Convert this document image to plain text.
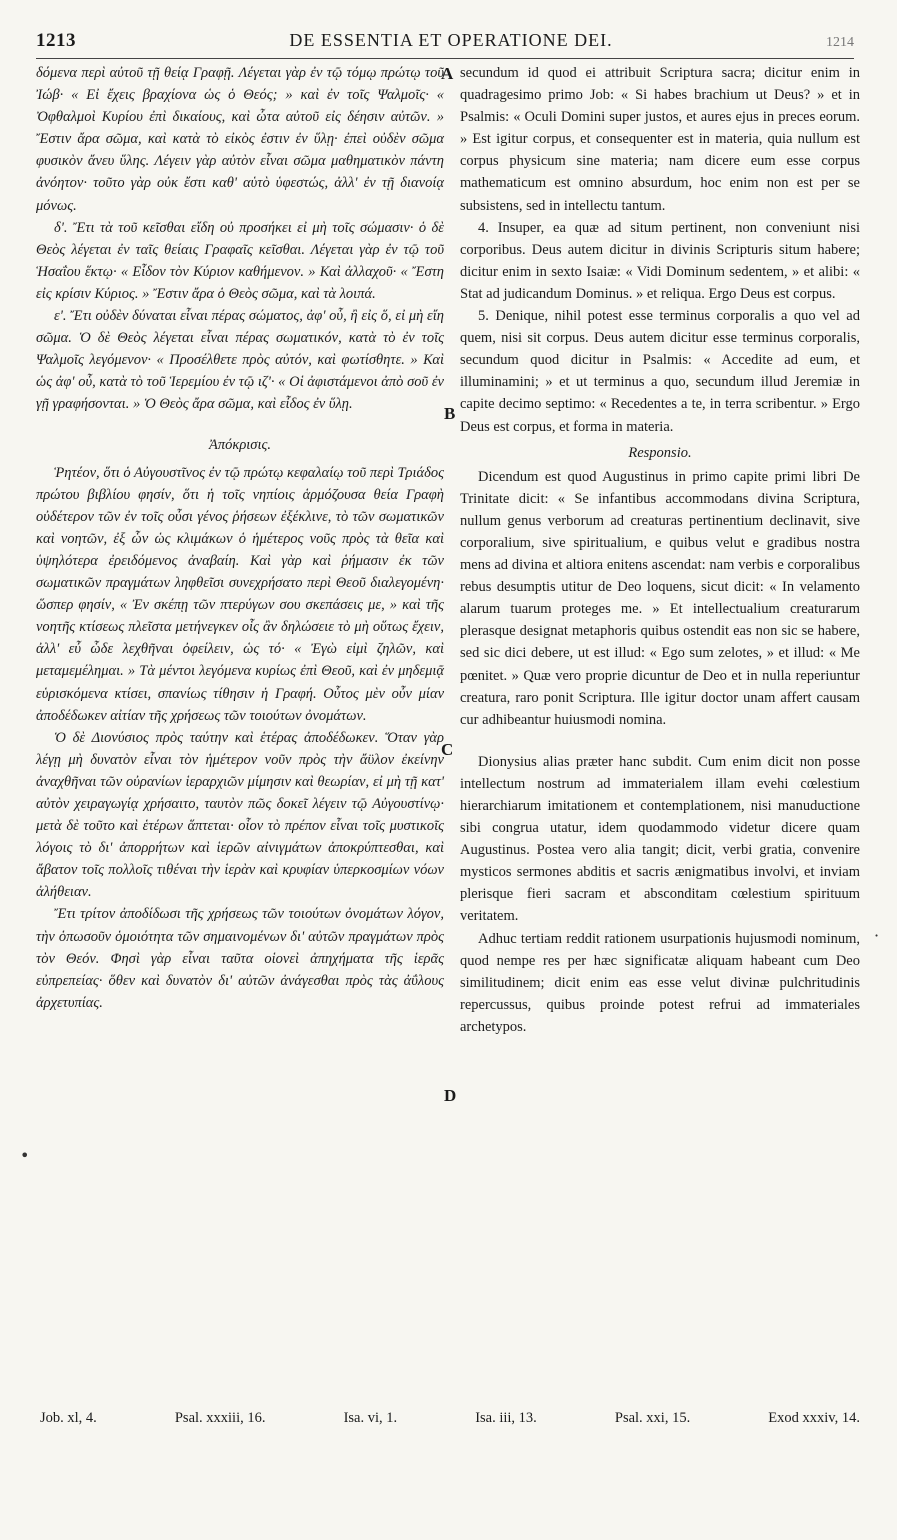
1213	DE ESSENTIA ET OPERATIONE DEI.	1214

δόμενα περὶ αὐτοῦ τῇ θείᾳ Γραφῇ. Λέγεται γὰρ ἐν τῷ τόμῳ πρώτῳ τοῦ Ἰώβ· « Εἰ ἔχεις βραχίονα ὡς ὁ Θεός; » καὶ ἐν τοῖς Ψαλμοῖς· « Ὀφθαλμοὶ Κυρίου ἐπὶ δικαίους, καὶ ὦτα αὐτοῦ εἰς δέησιν αὐτῶν. » Ἔστιν ἄρα σῶμα, καὶ κατὰ τὸ εἰκὸς ἐστιν ἐν ὕλῃ· ἐπεὶ οὐδὲν σῶμα φυσικὸν ἄνευ ὕλης. Λέγειν γὰρ αὐτὸν εἶναι σῶμα μαθηματικὸν πάντη ἀνόητον· τοῦτο γὰρ οὐκ ἔστι καθ' αὑτὸ ὑφεστώς, ἀλλ' ἐν τῇ διανοίᾳ μόνως.

δ'. Ἔτι τὰ τοῦ κεῖσθαι εἴδη οὐ προσήκει εἰ μὴ τοῖς σώμασιν· ὁ δὲ Θεὸς λέγεται ἐν ταῖς θείαις Γραφαῖς κεῖσθαι. Λέγεται γὰρ ἐν τῷ τοῦ Ἡσαΐου ἕκτῳ· « Εἶδον τὸν Κύριον καθήμενον. » Καὶ ἀλλαχοῦ· « Ἔστη εἰς κρίσιν Κύριος. » Ἔστιν ἄρα ὁ Θεὸς σῶμα, καὶ τὰ λοιπά.

ε'. Ἔτι οὐδὲν δύναται εἶναι πέρας σώματος, ἀφ' οὗ, ἢ εἰς ὅ, εἰ μὴ εἴη σῶμα. Ὁ δὲ Θεὸς λέγεται εἶναι πέρας σωματικόν, κατὰ τὸ ἐν τοῖς Ψαλμοῖς λεγόμενον· « Προσέλθετε πρὸς αὐτόν, καὶ φωτίσθητε. » Καὶ ὡς ἀφ' οὗ, κατὰ τὸ τοῦ Ἱερεμίου ἐν τῷ ιζ'· « Οἱ ἀφιστάμενοι ἀπὸ σοῦ ἐν γῇ γραφήσονται. » Ὁ Θεὸς ἄρα σῶμα, καὶ εἶδος ἐν ὕλῃ.

Ἀπόκρισις.

Ῥητέον, ὅτι ὁ Αὐγουστῖνος ἐν τῷ πρώτῳ κεφαλαίῳ τοῦ περὶ Τριάδος πρώτου βιβλίου φησίν, ὅτι ἡ τοῖς νηπίοις ἁρμόζουσα θεία Γραφὴ οὐδέτερον τῶν ἐν τοῖς οὖσι γένος ῥήσεων ἐξέκλινε, τὸ τῶν σωματικῶν καὶ νοητῶν, ἐξ ὧν ὡς κλιμάκων ὁ ἡμέτερος νοῦς πρὸς τὰ θεῖα καὶ ὑψηλότερα ἐρειδόμενος ἀναβαίη. Καὶ γὰρ καὶ ῥήμασιν ἐκ τῶν σωματικῶν πραγμάτων ληφθεῖσι συνεχρήσατο περὶ Θεοῦ διαλεγομένη· ὥσπερ φησίν, « Ἐν σκέπῃ τῶν πτερύγων σου σκεπάσεις με, » καὶ τῆς νοητῆς κτίσεως πλεῖστα μετήνεγκεν οἷς ἂν δηλώσειε τὸ μὴ οὕτως ἔχειν, ἀλλ' εὖ ὧδε λεχθῆναι ὀφείλειν, ὡς τό· « Ἐγὼ εἰμὶ ζηλῶν, καὶ μεταμεμέλημαι. » Τὰ μέντοι λεγόμενα κυρίως ἐπὶ Θεοῦ, καὶ ἐν μηδεμιᾷ εὑρισκόμενα κτίσει, σπανίως τίθησιν ἡ Γραφή. Οὗτος μὲν οὖν μίαν ἀποδέδωκεν αἰτίαν τῆς χρήσεως τῶν τοιούτων ὀνομάτων.

Ὁ δὲ Διονύσιος πρὸς ταύτην καὶ ἑτέρας ἀποδέδωκεν. Ὅταν γὰρ λέγῃ μὴ δυνατὸν εἶναι τὸν ἡμέτερον νοῦν πρὸς τὴν ἄϋλον ἐκείνην ἀναχθῆναι τῶν οὐρανίων ἱεραρχιῶν μίμησιν καὶ θεωρίαν, εἰ μὴ τῇ κατ' αὐτὸν χειραγωγίᾳ χρήσαιτο, ταυτὸν πῶς δοκεῖ λέγειν τῷ Αὐγουστίνῳ· μετὰ δὲ τοῦτο καὶ ἑτέρων ἅπτεται· οἷον τὸ πρέπον εἶναι τοῖς μυστικοῖς λόγοις τὸ δι' ἀπορρήτων καὶ ἱερῶν αἰνιγμάτων ἀποκρύπτεσθαι, καὶ ἄβατον τοῖς πολλοῖς τιθέναι τὴν ἱερὰν καὶ κρυφίαν ὑπερκοσμίων νόων ἀλήθειαν.

Ἔτι τρίτον ἀποδίδωσι τῆς χρήσεως τῶν τοιούτων ὀνομάτων λόγον, τὴν ὁπωσοῦν ὁμοιότητα τῶν σημαινομένων δι' αὐτῶν πραγμάτων πρὸς τὸν Θεόν. Φησὶ γὰρ εἶναι ταῦτα οἱονεὶ ἀπηχήματα τῆς ἱερᾶς εὐπρεπείας· ὅθεν καὶ δυνατὸν δι' αὐτῶν ἀνάγεσθαι πρὸς τὰς ἀΰλους ἀρχετυπίας.

A
B
C
D

secundum id quod ei attribuit Scriptura sacra; dicitur enim in quadragesimo primo Job: « Si habes brachium ut Deus? » et in Psalmis: « Oculi Domini super justos, et aures ejus in preces eorum. » Est igitur corpus, et consequenter est in materia, quia nullum est corpus physicum sine materia; nam dicere eum esse corpus mathematicum est omnino absurdum, hoc enim non est per se subsistens, sed in intellectu tantum.

4. Insuper, ea quæ ad situm pertinent, non conveniunt nisi corporibus. Deus autem dicitur in divinis Scripturis situm habere; dicitur enim in sexto Isaiæ: « Vidi Dominum sedentem, » et alibi: « Stat ad judicandum Dominus. » et reliqua. Ergo Deus est corpus.

5. Denique, nihil potest esse terminus corporalis a quo vel ad quem, nisi sit corpus. Deus autem dicitur esse terminus corporalis, secundum quod dicitur in Psalmis: « Accedite ad eum, et illuminamini; » et ut terminus a quo, secundum illud Jeremiæ in capite decimo septimo: « Recedentes a te, in terra scribentur. » Ergo Deus est corpus, et forma in materia.

Responsio.

Dicendum est quod Augustinus in primo capite primi libri De Trinitate dicit: « Se infantibus accommodans divina Scriptura, nullum genus verborum ad creaturas pertinentium declinavit, sive corporalium, sive spiritualium, e quibus velut e gradibus nostra mens ad divina et altiora enitens ascendat: nam verbis e corporalibus rebus desumptis utitur de Deo loquens, sicut dicit: « In velamento alarum tuarum proteges me. » Et intellectualium creaturarum plerasque designat metaphoris quibus ostendit eas non sic se habere, sed sic dici debere, ut est illud: « Ego sum zelotes, » et illud: « Me pœnitet. » Quæ vero proprie dicuntur de Deo et in nulla reperiuntur creatura, raro ponit Scriptura. Ille igitur doctor unam affert causam cur adhibeantur huiusmodi nomina.

Dionysius alias præter hanc subdit. Cum enim dicit non posse intellectum nostrum ad immaterialem illam evehi cœlestium hierarchiarum imitationem et contemplationem, nisi manuductione sibi congrua utatur, idem quodammodo videtur dicere quam Augustinus. Postea vero alia tangit; dicit, verbi gratia, convenire mysticos sermones abditis et sacris ænigmatibus involvi, et inviam plerisque fieri sacram et absconditam cœlestium spirituum veritatem.

Adhuc tertiam reddit rationem usurpationis hujusmodi nominum, quod nempe res per hæc significatæ aliquam habeant cum Deo similitudinem; dicit enim eas esse velut divinæ pulchritudinis repercussus, quibus proinde potest refrui ad immateriales archetypos.

•
·
Job. xl, 4.	Psal. xxxiii, 16.	Isa. vi, 1.	Isa. iii, 13.	Psal. xxi, 15.	Exod xxxiv, 14.
